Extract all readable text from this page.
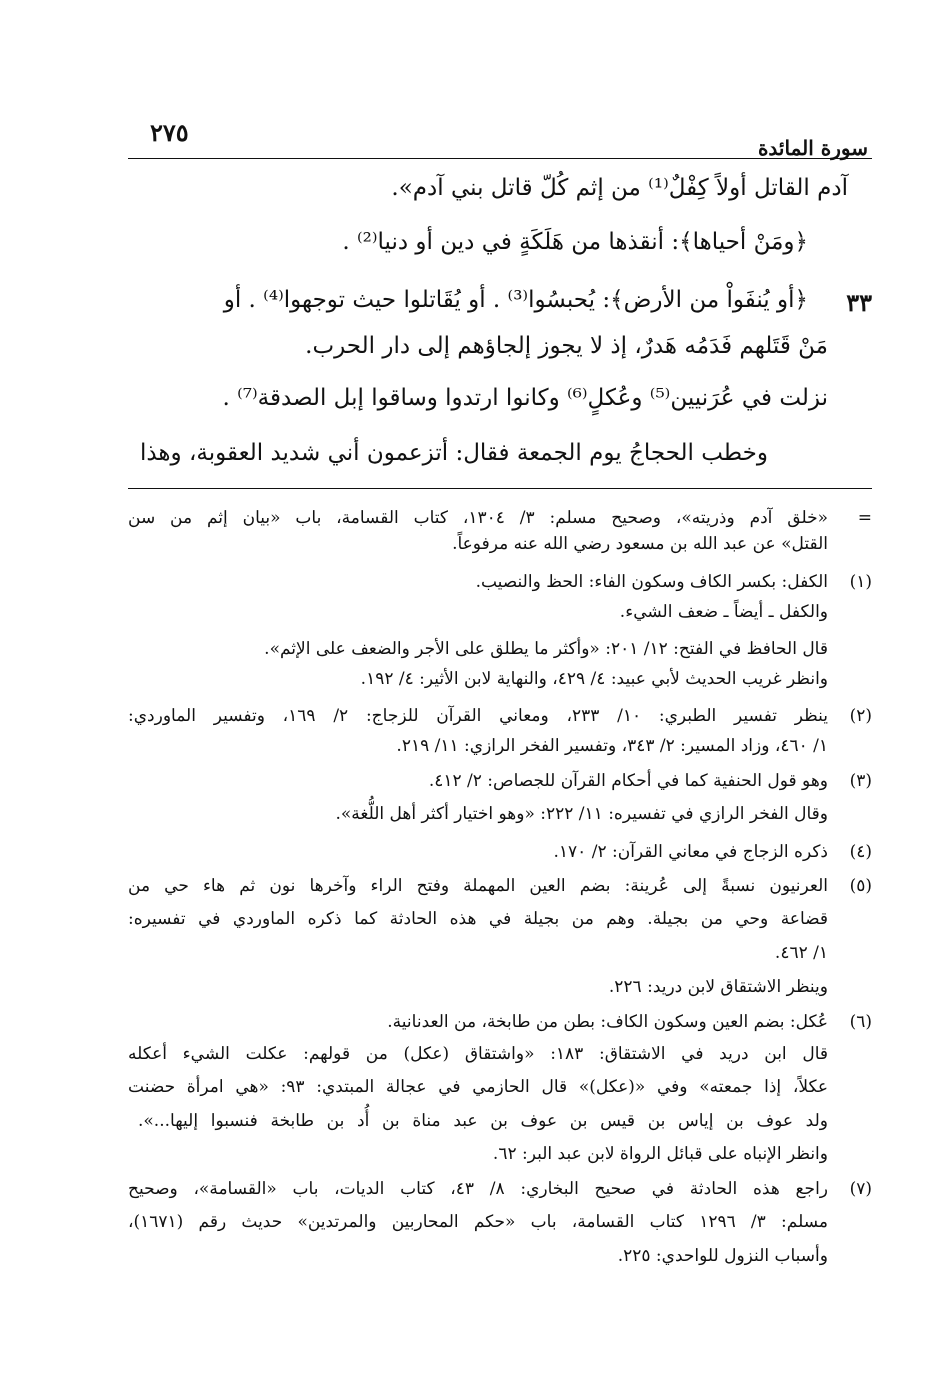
٢٧٥
سورة المائدة
آدم القاتل أولاً كِفْلٌ⁽¹⁾ من إثم كُلّ قاتل بني آدم».
﴿ومَنْ أحياها﴾: أنقذها من هَلَكَةٍ في دين أو دنيا⁽²⁾ .
٣٣
﴿أو يُنفَواْ من الأرض﴾: يُحبسُوا⁽³⁾ . أو يُقَاتلوا حيث توجهوا⁽⁴⁾ . أو
مَنْ قَتَلهم فَدَمُه هَدرٌ، إذ لا يجوز إلجاؤهم إلى دار الحرب.
نزلت في عُرَنيين⁽⁵⁾ وعُكلٍ⁽⁶⁾ وكانوا ارتدوا وساقوا إبل الصدقة⁽⁷⁾ .
وخطب الحجاجُ يوم الجمعة فقال: أتزعمون أني شديد العقوبة، وهذا
=
«خلق آدم وذريته»، وصحيح مسلم: ٣/ ١٣٠٤، كتاب القسامة، باب «بيان إثم من سن
القتل» عن عبد الله بن مسعود رضي الله عنه مرفوعاً.
(١)
الكفل: بكسر الكاف وسكون الفاء: الحظ والنصيب.
والكفل ـ أيضاً ـ ضعف الشيء.
قال الحافظ في الفتح: ١٢/ ٢٠١: «وأكثر ما يطلق على الأجر والضعف على الإثم».
وانظر غريب الحديث لأبي عبيد: ٤/ ٤٢٩، والنهاية لابن الأثير: ٤/ ١٩٢.
(٢)
ينظر تفسير الطبري: ١٠/ ٢٣٣، ومعاني القرآن للزجاج: ٢/ ١٦٩، وتفسير الماوردي:
١/ ٤٦٠، وزاد المسير: ٢/ ٣٤٣، وتفسير الفخر الرازي: ١١/ ٢١٩.
(٣)
وهو قول الحنفية كما في أحكام القرآن للجصاص: ٢/ ٤١٢.
وقال الفخر الرازي في تفسيره: ١١/ ٢٢٢: «وهو اختيار أكثر أهل اللُّغة».
(٤)
ذكره الزجاج في معاني القرآن: ٢/ ١٧٠.
(٥)
العرنيون نسبةً إلى عُرينة: بضم العين المهملة وفتح الراء وآخرها نون ثم هاء حي من
قضاعة وحي من بجيلة. وهم من بجيلة في هذه الحادثة كما ذكره الماوردي في تفسيره:
١/ ٤٦٢.
وينظر الاشتقاق لابن دريد: ٢٢٦.
(٦)
عُكل: بضم العين وسكون الكاف: بطن من طابخة، من العدنانية.
قال ابن دريد في الاشتقاق: ١٨٣: «واشتقاق (عكل) من قولهم: عكلت الشيء أعكله
عكلاً، إذا جمعته» وفي «(عكل)» قال الحازمي في عجالة المبتدي: ٩٣: «هي امرأة حضنت
ولد عوف بن إياس بن قيس بن عوف بن عبد مناة بن أُد بن طابخة فنسبوا إليها...».
وانظر الإنباه على قبائل الرواة لابن عبد البر: ٦٢.
(٧)
راجع هذه الحادثة في صحيح البخاري: ٨/ ٤٣، كتاب الديات، باب «القسامة»، وصحيح
مسلم: ٣/ ١٢٩٦ كتاب القسامة، باب «حكم المحاربين والمرتدين» حديث رقم (١٦٧١)،
وأسباب النزول للواحدي: ٢٢٥.
